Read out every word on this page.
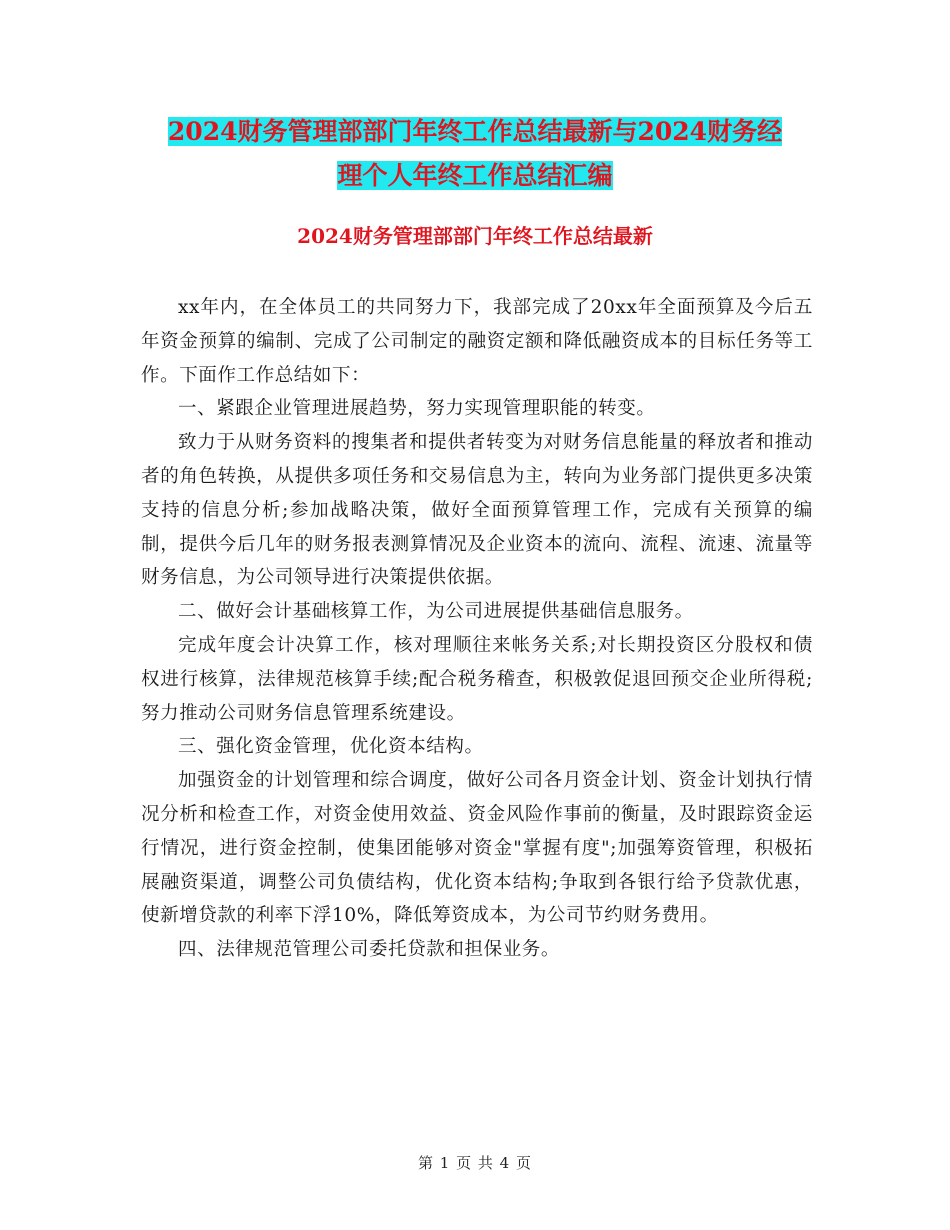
2024财务管理部部门年终工作总结最新与2024财务经
理个人年终工作总结汇编
2024财务管理部部门年终工作总结最新

xx年内，在全体员工的共同努力下，我部完成了20xx年全面预算及今后五年资金预算的编制、完成了公司制定的融资定额和降低融资成本的目标任务等工作。下面作工作总结如下：

一、紧跟企业管理进展趋势，努力实现管理职能的转变。

致力于从财务资料的搜集者和提供者转变为对财务信息能量的释放者和推动者的角色转换，从提供多项任务和交易信息为主，转向为业务部门提供更多决策支持的信息分析;参加战略决策，做好全面预算管理工作，完成有关预算的编制，提供今后几年的财务报表测算情况及企业资本的流向、流程、流速、流量等财务信息，为公司领导进行决策提供依据。

二、做好会计基础核算工作，为公司进展提供基础信息服务。

完成年度会计决算工作，核对理顺往来帐务关系;对长期投资区分股权和债权进行核算，法律规范核算手续;配合税务稽查，积极敦促退回预交企业所得税;努力推动公司财务信息管理系统建设。

三、强化资金管理，优化资本结构。

加强资金的计划管理和综合调度，做好公司各月资金计划、资金计划执行情况分析和检查工作，对资金使用效益、资金风险作事前的衡量，及时跟踪资金运行情况，进行资金控制，使集团能够对资金"掌握有度";加强筹资管理，积极拓展融资渠道，调整公司负债结构，优化资本结构;争取到各银行给予贷款优惠，使新增贷款的利率下浮10%，降低筹资成本，为公司节约财务费用。

四、法律规范管理公司委托贷款和担保业务。

第 1 页 共 4 页
